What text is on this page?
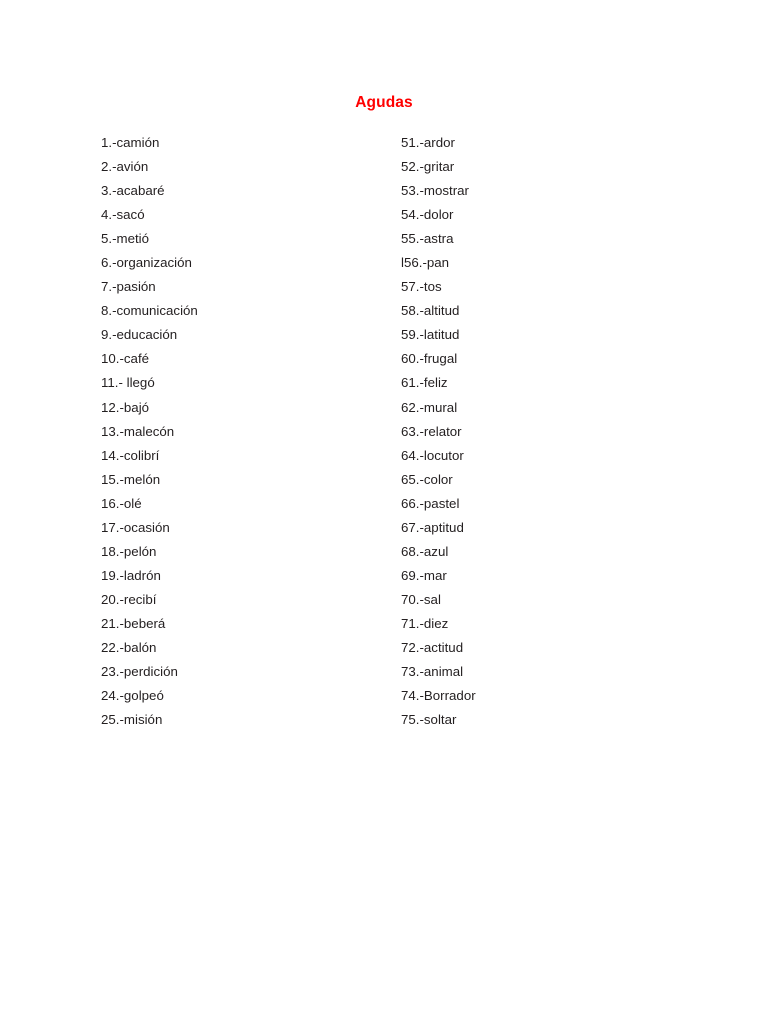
Agudas
1.-camión
2.-avión
3.-acabaré
4.-sacó
5.-metió
6.-organización
7.-pasión
8.-comunicación
9.-educación
10.-café
11.- llegó
12.-bajó
13.-malecón
14.-colibrí
15.-melón
16.-olé
17.-ocasión
18.-pelón
19.-ladrón
20.-recibí
21.-beberá
22.-balón
23.-perdición
24.-golpeó
25.-misión
51.-ardor
52.-gritar
53.-mostrar
54.-dolor
55.-astra
l56.-pan
57.-tos
58.-altitud
59.-latitud
60.-frugal
61.-feliz
62.-mural
63.-relator
64.-locutor
65.-color
66.-pastel
67.-aptitud
68.-azul
69.-mar
70.-sal
71.-diez
72.-actitud
73.-animal
74.-Borrador
75.-soltar
